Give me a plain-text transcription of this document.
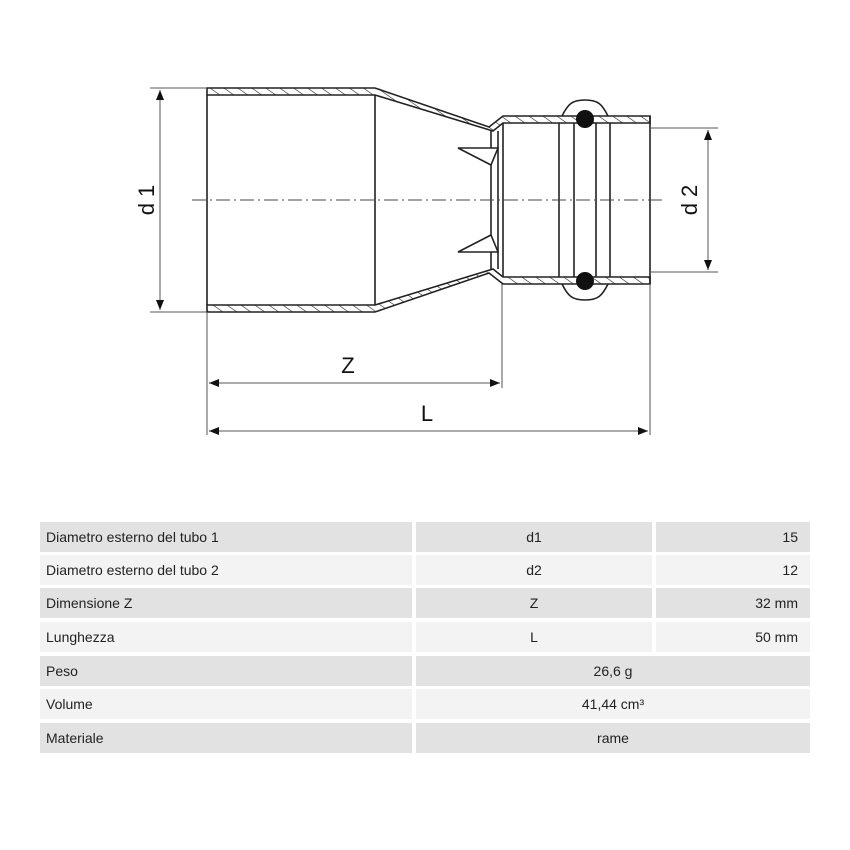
d 1	d 2
Z
L
Diametro esterno del tubo 1	d1	15
Diametro esterno del tubo 2	d2	12
Dimensione Z	Z	32 mm
Lunghezza	L	50 mm
Peso	26,6 g
Volume	41,44 cm³
Materiale	rame
